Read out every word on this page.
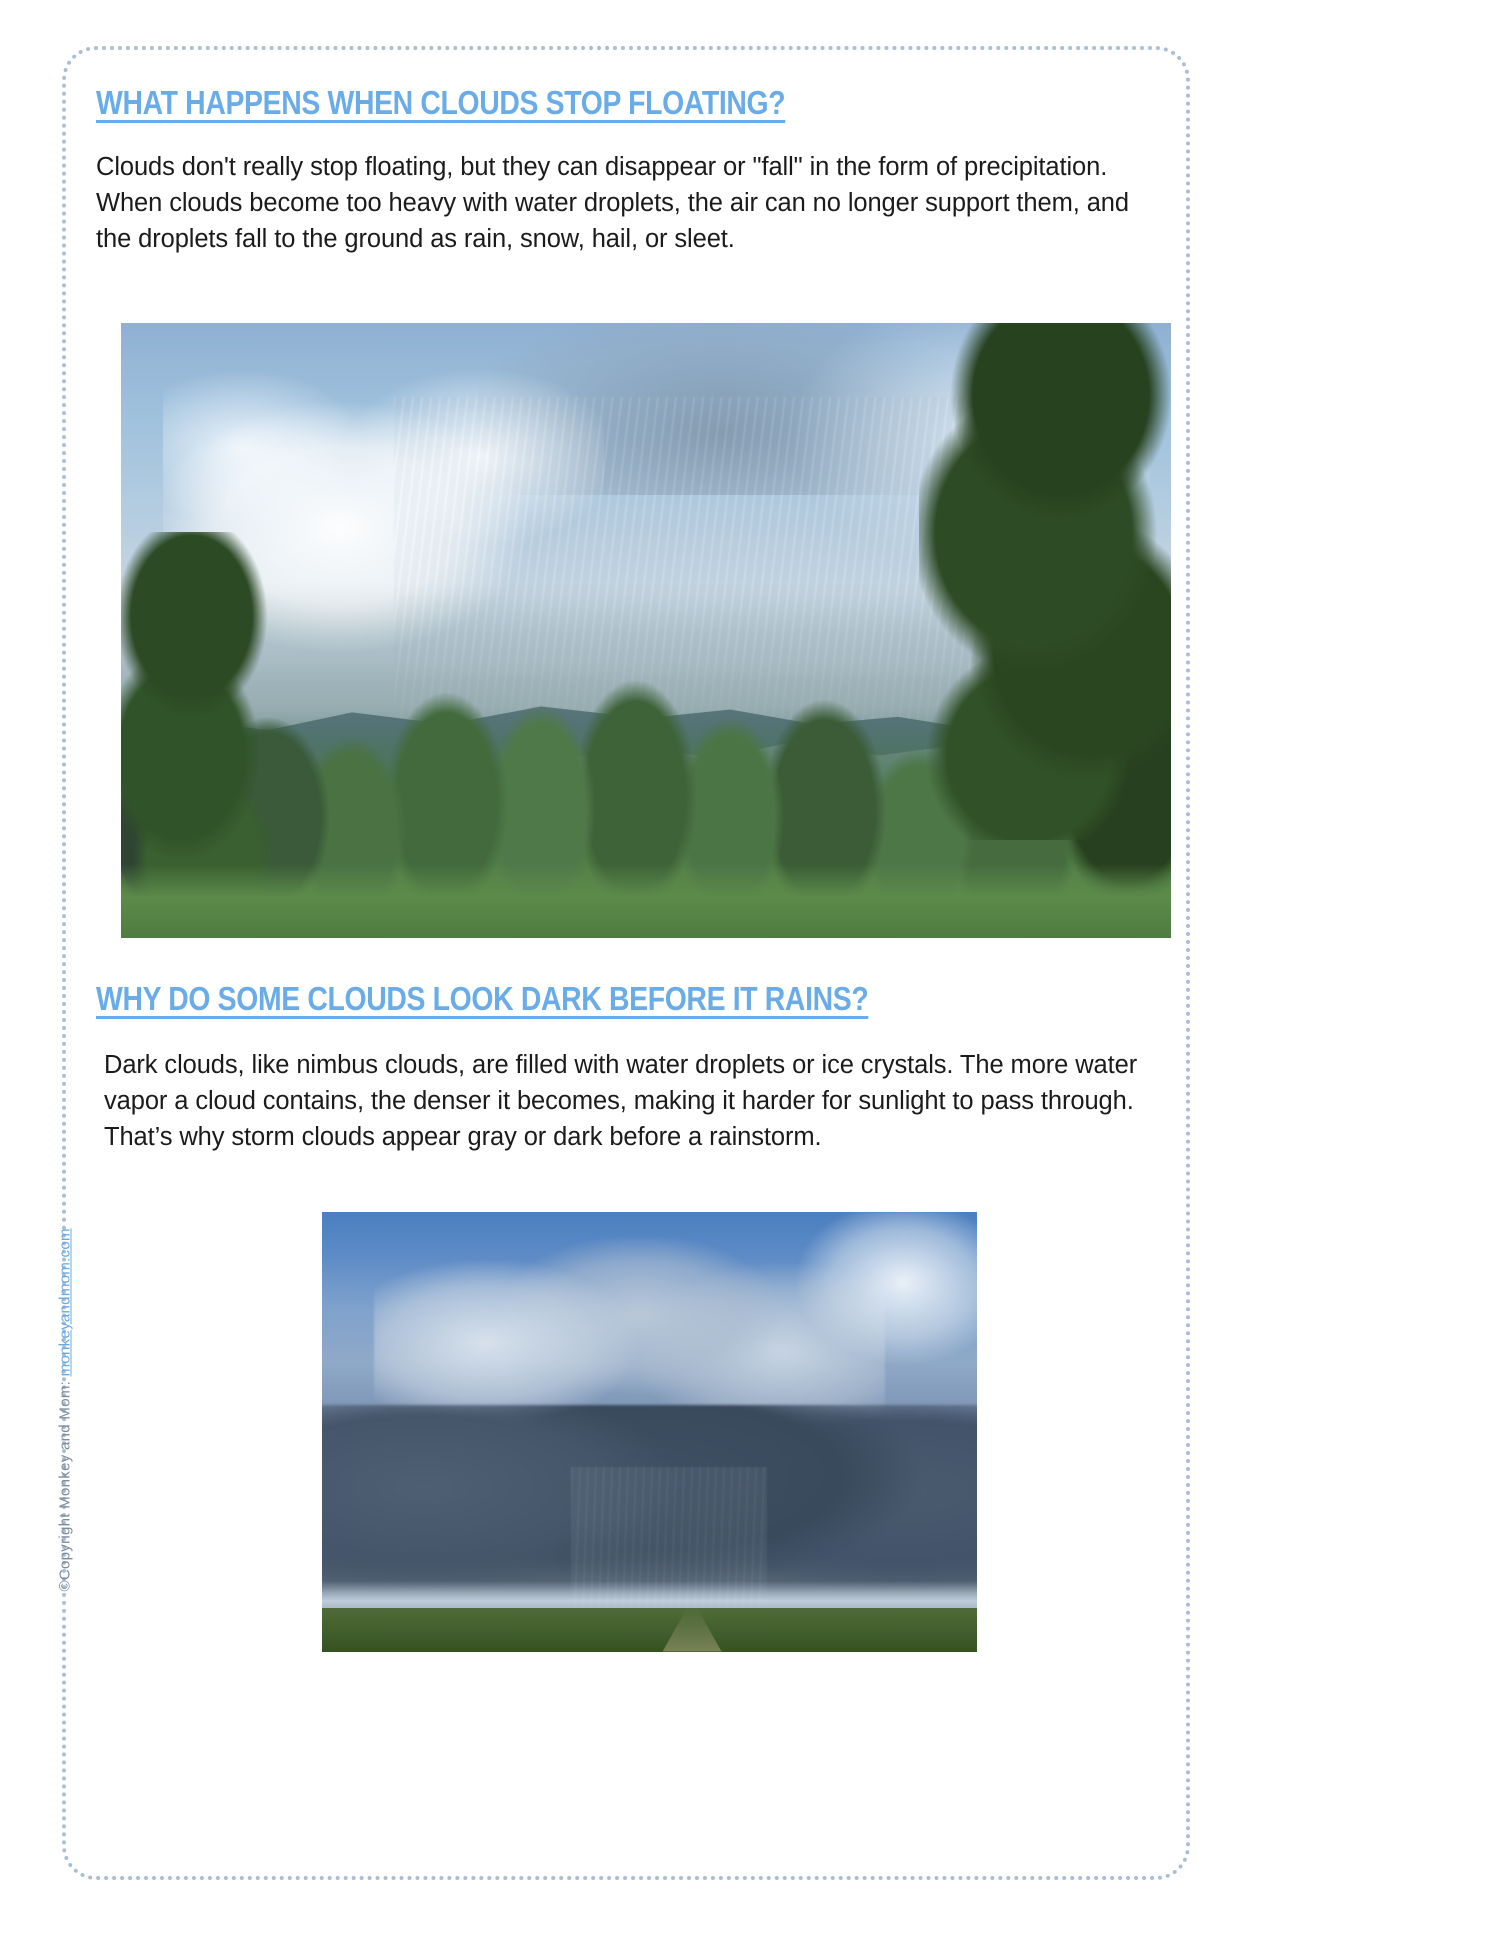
©Copyright Monkey and Mom: monkeyandmom.com
WHAT HAPPENS WHEN CLOUDS STOP FLOATING?

Clouds don't really stop floating, but they can disappear or "fall" in the form of precipitation. When clouds become too heavy with water droplets, the air can no longer support them, and the droplets fall to the ground as rain, snow, hail, or sleet.

WHY DO SOME CLOUDS LOOK DARK BEFORE IT RAINS?

Dark clouds, like nimbus clouds, are filled with water droplets or ice crystals. The more water vapor a cloud contains, the denser it becomes, making it harder for sunlight to pass through. That’s why storm clouds appear gray or dark before a rainstorm.
